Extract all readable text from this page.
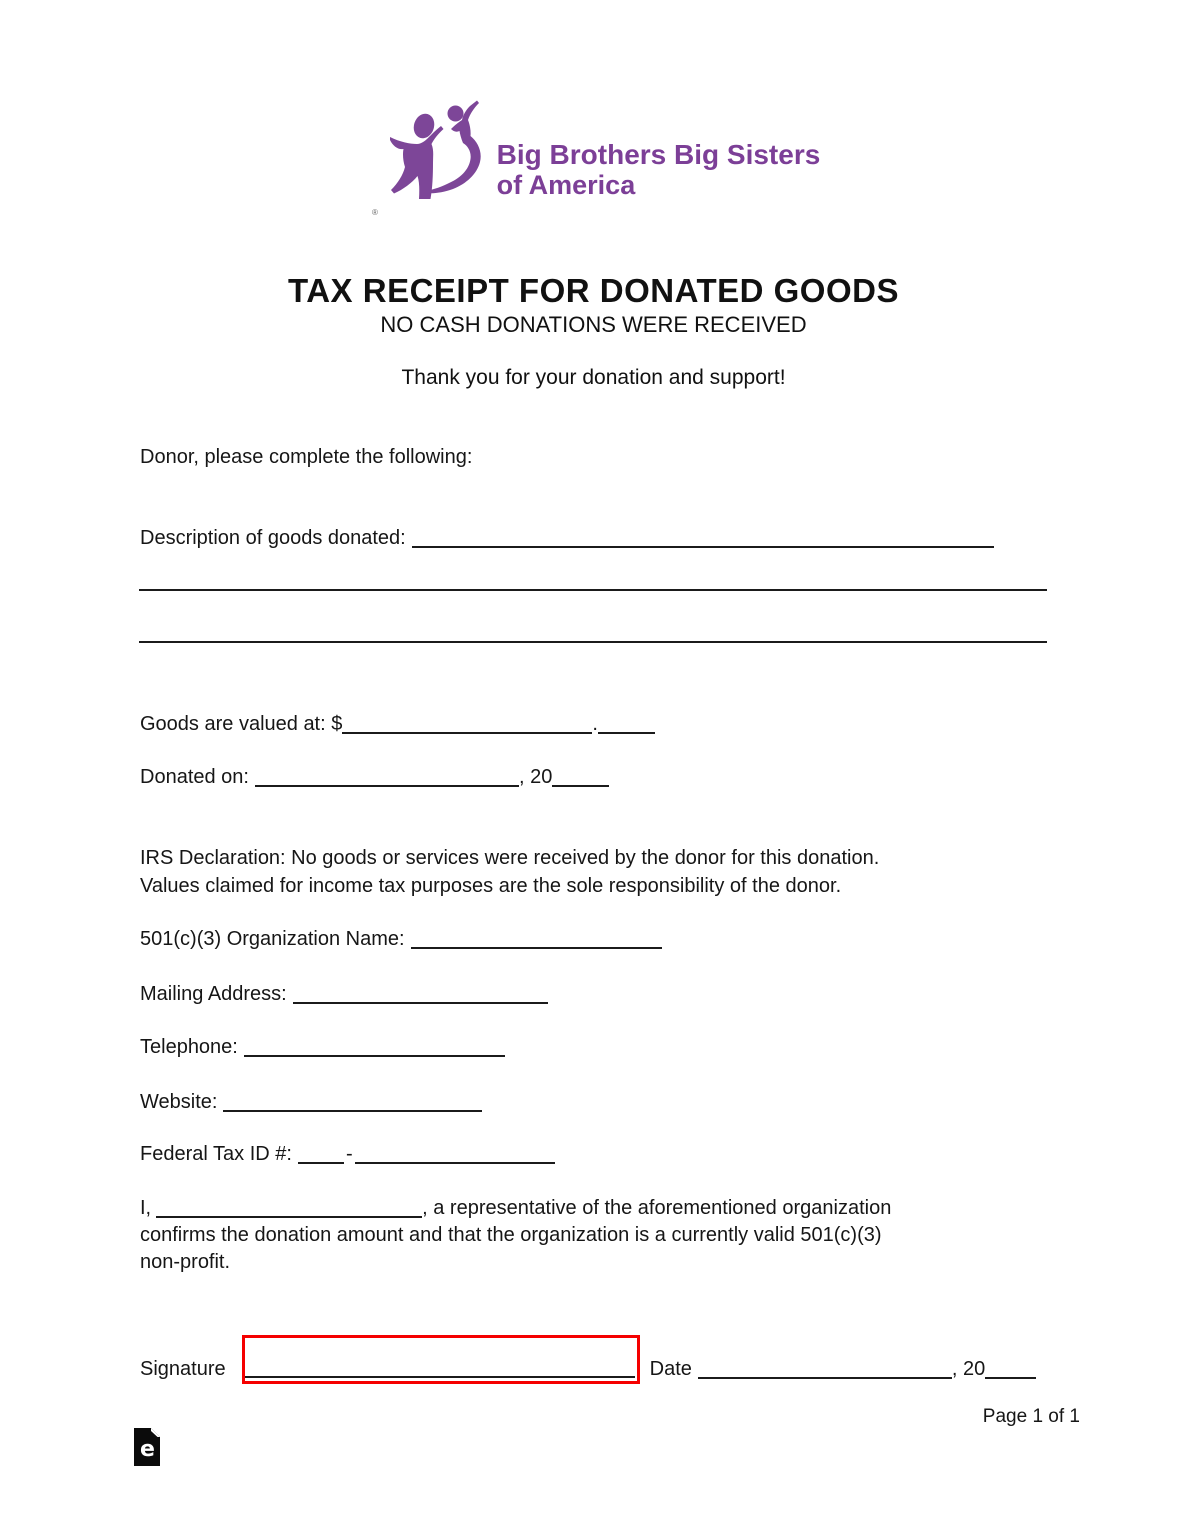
®
Big Brothers Big Sisters
of America
TAX RECEIPT FOR DONATED GOODS
NO CASH DONATIONS WERE RECEIVED
Thank you for your donation and support!
Donor, please complete the following:
Description of goods donated:
Goods are valued at: $	.
Donated on:	, 20
IRS Declaration: No goods or services were received by the donor for this donation.
Values claimed for income tax purposes are the sole responsibility of the donor.
501(c)(3) Organization Name:
Mailing Address:
Telephone:
Website:
Federal Tax ID #:	-
I,	, a representative of the aforementioned organization
confirms the donation amount and that the organization is a currently valid 501(c)(3)
non-profit.
Signature	Date	, 20
Page 1 of 1
e
